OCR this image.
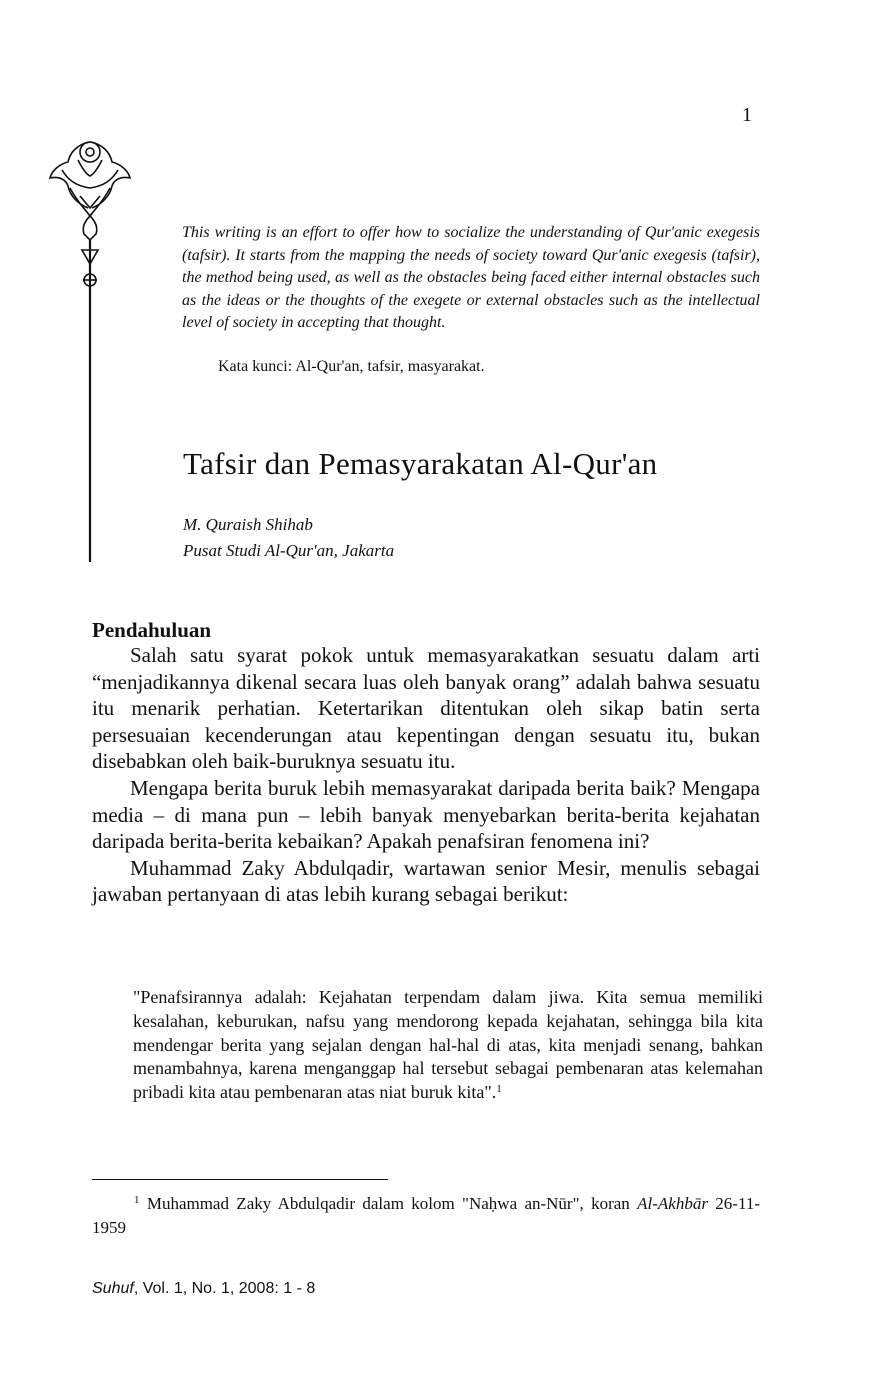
1
This writing is an effort to offer how to socialize the understanding of Qur'anic exegesis (tafsir). It starts from the mapping the needs of society toward Qur'anic exegesis (tafsir), the method being used, as well as the obstacles being faced either internal obstacles such as the ideas or the thoughts of the exegete or external obstacles such as the intellectual level of society in accepting that thought.
Kata kunci: Al-Qur'an, tafsir, masyarakat.
Tafsir dan Pemasyarakatan Al-Qur'an
M. Quraish Shihab
Pusat Studi Al-Qur'an, Jakarta
Pendahuluan

Salah satu syarat pokok untuk memasyarakatkan sesuatu dalam arti “menjadikannya dikenal secara luas oleh banyak orang” adalah bahwa sesuatu itu menarik perhatian. Ketertarikan ditentukan oleh sikap batin serta persesuaian kecenderungan atau kepentingan dengan sesuatu itu, bukan disebabkan oleh baik-buruknya sesuatu itu.

Mengapa berita buruk lebih memasyarakat daripada berita baik? Mengapa media – di mana pun – lebih banyak menyebarkan berita-berita kejahatan daripada berita-berita kebaikan? Apakah penafsiran fenomena ini?

Muhammad Zaky Abdulqadir, wartawan senior Mesir, menulis sebagai jawaban pertanyaan di atas lebih kurang sebagai berikut:

"Penafsirannya adalah: Kejahatan terpendam dalam jiwa. Kita semua memiliki kesalahan, keburukan, nafsu yang mendorong kepada kejahatan, sehingga bila kita mendengar berita yang sejalan dengan hal-hal di atas, kita menjadi senang, bahkan menambahnya, karena menganggap hal tersebut sebagai pembenaran atas kelemahan pribadi kita atau pembenaran atas niat buruk kita".$^1$
$^1$ Muhammad Zaky Abdulqadir dalam kolom "Naḥwa an-Nūr", koran Al-Akhbār 26-11-1959
Suhuf, Vol. 1, No. 1, 2008: 1 - 8
